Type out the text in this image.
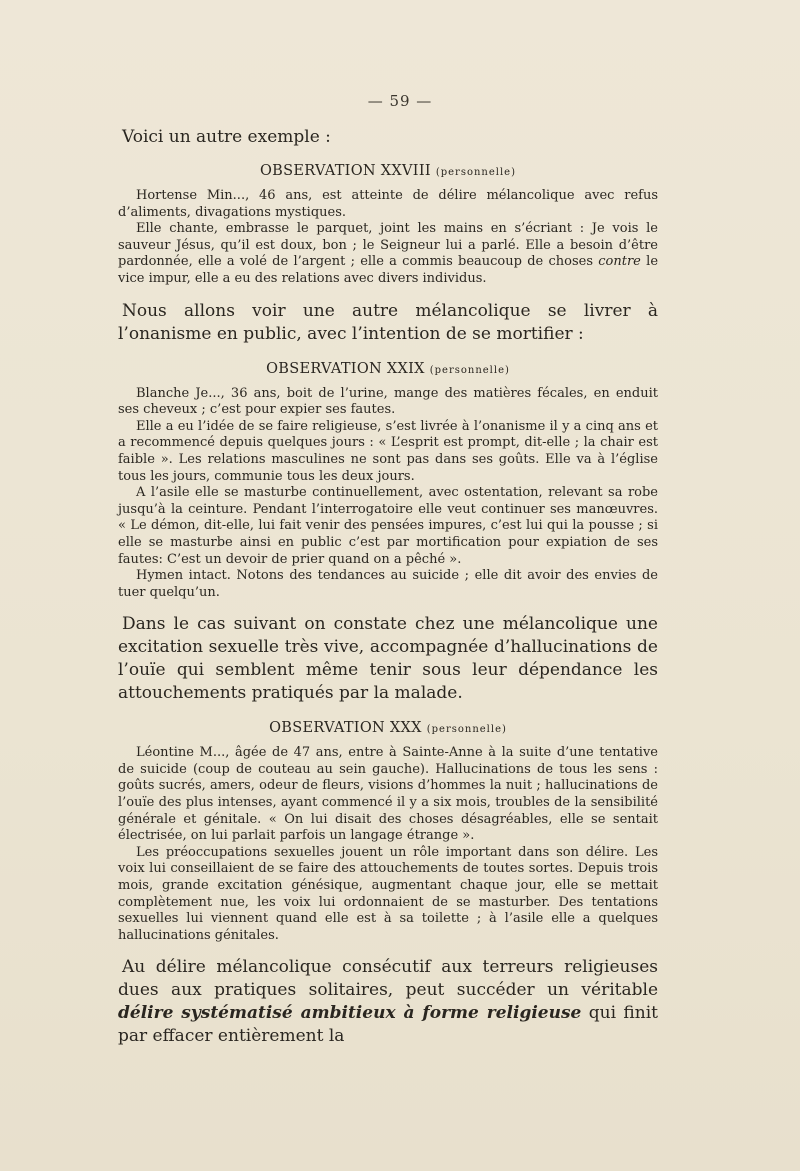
— 59 —

Voici un autre exemple :

OBSERVATION XXVIII (personnelle)

Hortense Min..., 46 ans, est atteinte de délire mélancolique avec refus d’aliments, divagations mystiques.

Elle chante, embrasse le parquet, joint les mains en s’écriant : Je vois le sauveur Jésus, qu’il est doux, bon ; le Seigneur lui a parlé. Elle a besoin d’être pardonnée, elle a volé de l’argent ; elle a commis beaucoup de choses contre le vice impur, elle a eu des relations avec divers individus.

Nous allons voir une autre mélancolique se livrer à l’onanisme en public, avec l’intention de se mortifier :

OBSERVATION XXIX (personnelle)

Blanche Je..., 36 ans, boit de l’urine, mange des matières fécales, en enduit ses cheveux ; c’est pour expier ses fautes.

Elle a eu l’idée de se faire religieuse, s’est livrée à l’onanisme il y a cinq ans et a recommencé depuis quelques jours : « L’esprit est prompt, dit-elle ; la chair est faible ». Les relations masculines ne sont pas dans ses goûts. Elle va à l’église tous les jours, communie tous les deux jours.

A l’asile elle se masturbe continuellement, avec ostentation, relevant sa robe jusqu’à la ceinture. Pendant l’interrogatoire elle veut continuer ses manœuvres. « Le démon, dit-elle, lui fait venir des pensées impures, c’est lui qui la pousse ; si elle se masturbe ainsi en public c’est par mortification pour expiation de ses fautes: C’est un devoir de prier quand on a pêché ».

Hymen intact. Notons des tendances au suicide ; elle dit avoir des envies de tuer quelqu’un.

Dans le cas suivant on constate chez une mélancolique une excitation sexuelle très vive, accompagnée d’hallucinations de l’ouïe qui semblent même tenir sous leur dépendance les attouchements pratiqués par la malade.

OBSERVATION XXX (personnelle)

Léontine M..., âgée de 47 ans, entre à Sainte-Anne à la suite d’une tentative de suicide (coup de couteau au sein gauche). Hallucinations de tous les sens : goûts sucrés, amers, odeur de fleurs, visions d’hommes la nuit ; hallucinations de l’ouïe des plus intenses, ayant commencé il y a six mois, troubles de la sensibilité générale et génitale. « On lui disait des choses désagréables, elle se sentait électrisée, on lui parlait parfois un langage étrange ».

Les préoccupations sexuelles jouent un rôle important dans son délire. Les voix lui conseillaient de se faire des attouchements de toutes sortes. Depuis trois mois, grande excitation génésique, augmentant chaque jour, elle se mettait complètement nue, les voix lui ordonnaient de se masturber. Des tentations sexuelles lui viennent quand elle est à sa toilette ; à l’asile elle a quelques hallucinations génitales.

Au délire mélancolique consécutif aux terreurs religieuses dues aux pratiques solitaires, peut succéder un véritable délire systématisé ambitieux à forme religieuse qui finit par effacer entièrement la
